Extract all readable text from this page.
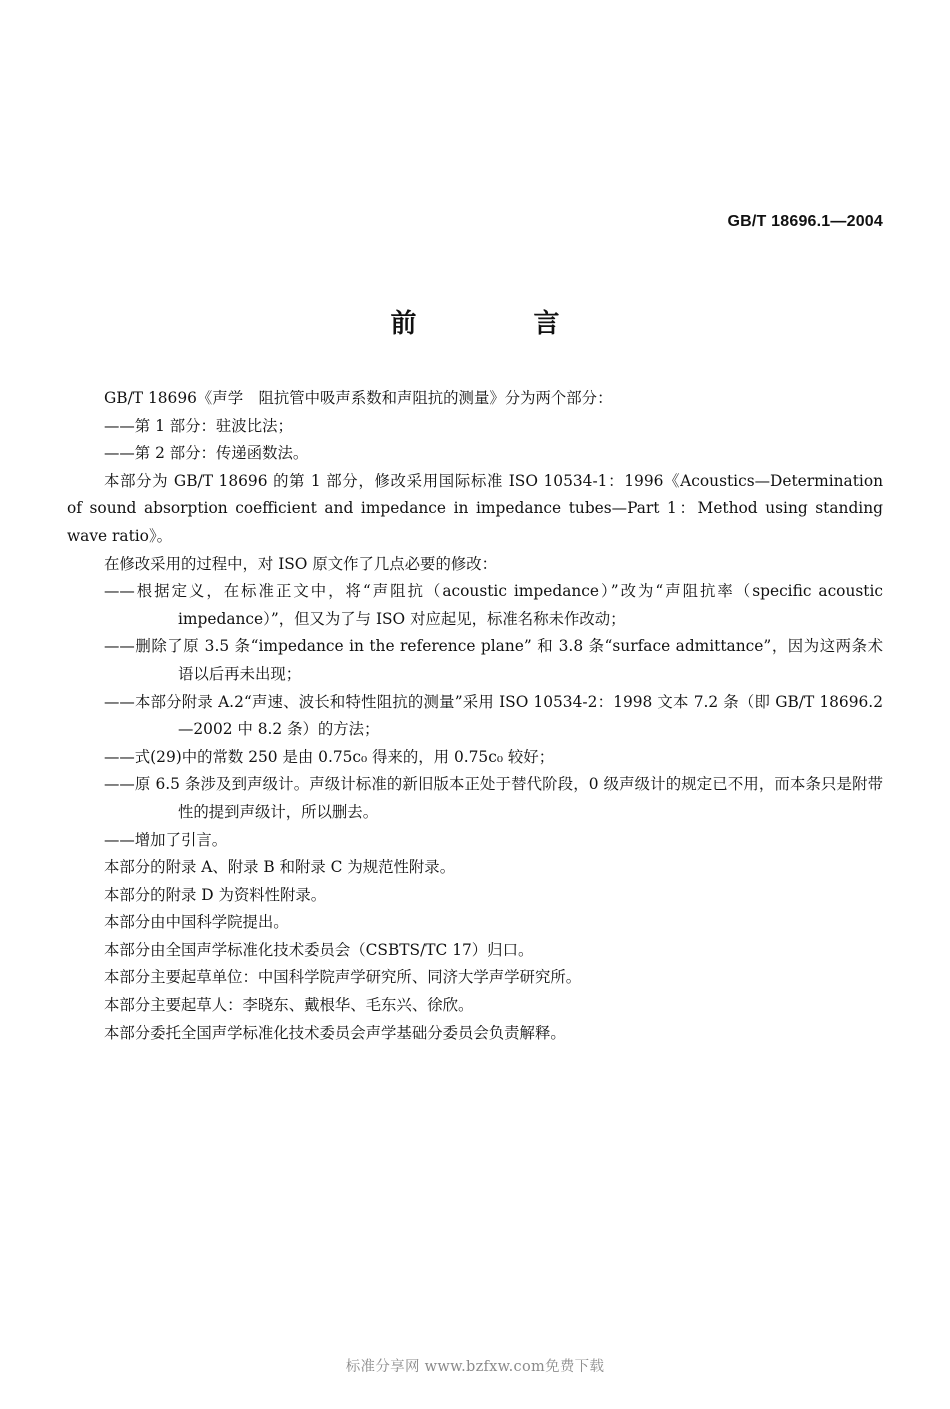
GB/T 18696.1—2004
前 言

GB/T 18696《声学　阻抗管中吸声系数和声阻抗的测量》分为两个部分：

——第 1 部分：驻波比法；

——第 2 部分：传递函数法。

本部分为 GB/T 18696 的第 1 部分，修改采用国际标准 ISO 10534-1：1996《Acoustics—Determination of sound absorption coefficient and impedance in impedance tubes—Part 1：Method using standing wave ratio》。

在修改采用的过程中，对 ISO 原文作了几点必要的修改：

——根据定义，在标准正文中，将“声阻抗（acoustic impedance）”改为“声阻抗率（specific acoustic impedance）”，但又为了与 ISO 对应起见，标准名称未作改动；

——删除了原 3.5 条“impedance in the reference plane” 和 3.8 条“surface admittance”，因为这两条术语以后再未出现；

——本部分附录 A.2“声速、波长和特性阻抗的测量”采用 ISO 10534-2：1998 文本 7.2 条（即 GB/T 18696.2—2002 中 8.2 条）的方法；

——式(29)中的常数 250 是由 0.75c₀ 得来的，用 0.75c₀ 较好；

——原 6.5 条涉及到声级计。声级计标准的新旧版本正处于替代阶段，0 级声级计的规定已不用，而本条只是附带性的提到声级计，所以删去。

——增加了引言。

本部分的附录 A、附录 B 和附录 C 为规范性附录。

本部分的附录 D 为资料性附录。

本部分由中国科学院提出。

本部分由全国声学标准化技术委员会（CSBTS/TC 17）归口。

本部分主要起草单位：中国科学院声学研究所、同济大学声学研究所。

本部分主要起草人：李晓东、戴根华、毛东兴、徐欣。

本部分委托全国声学标准化技术委员会声学基础分委员会负责解释。

标准分享网 www.bzfxw.com免费下载
